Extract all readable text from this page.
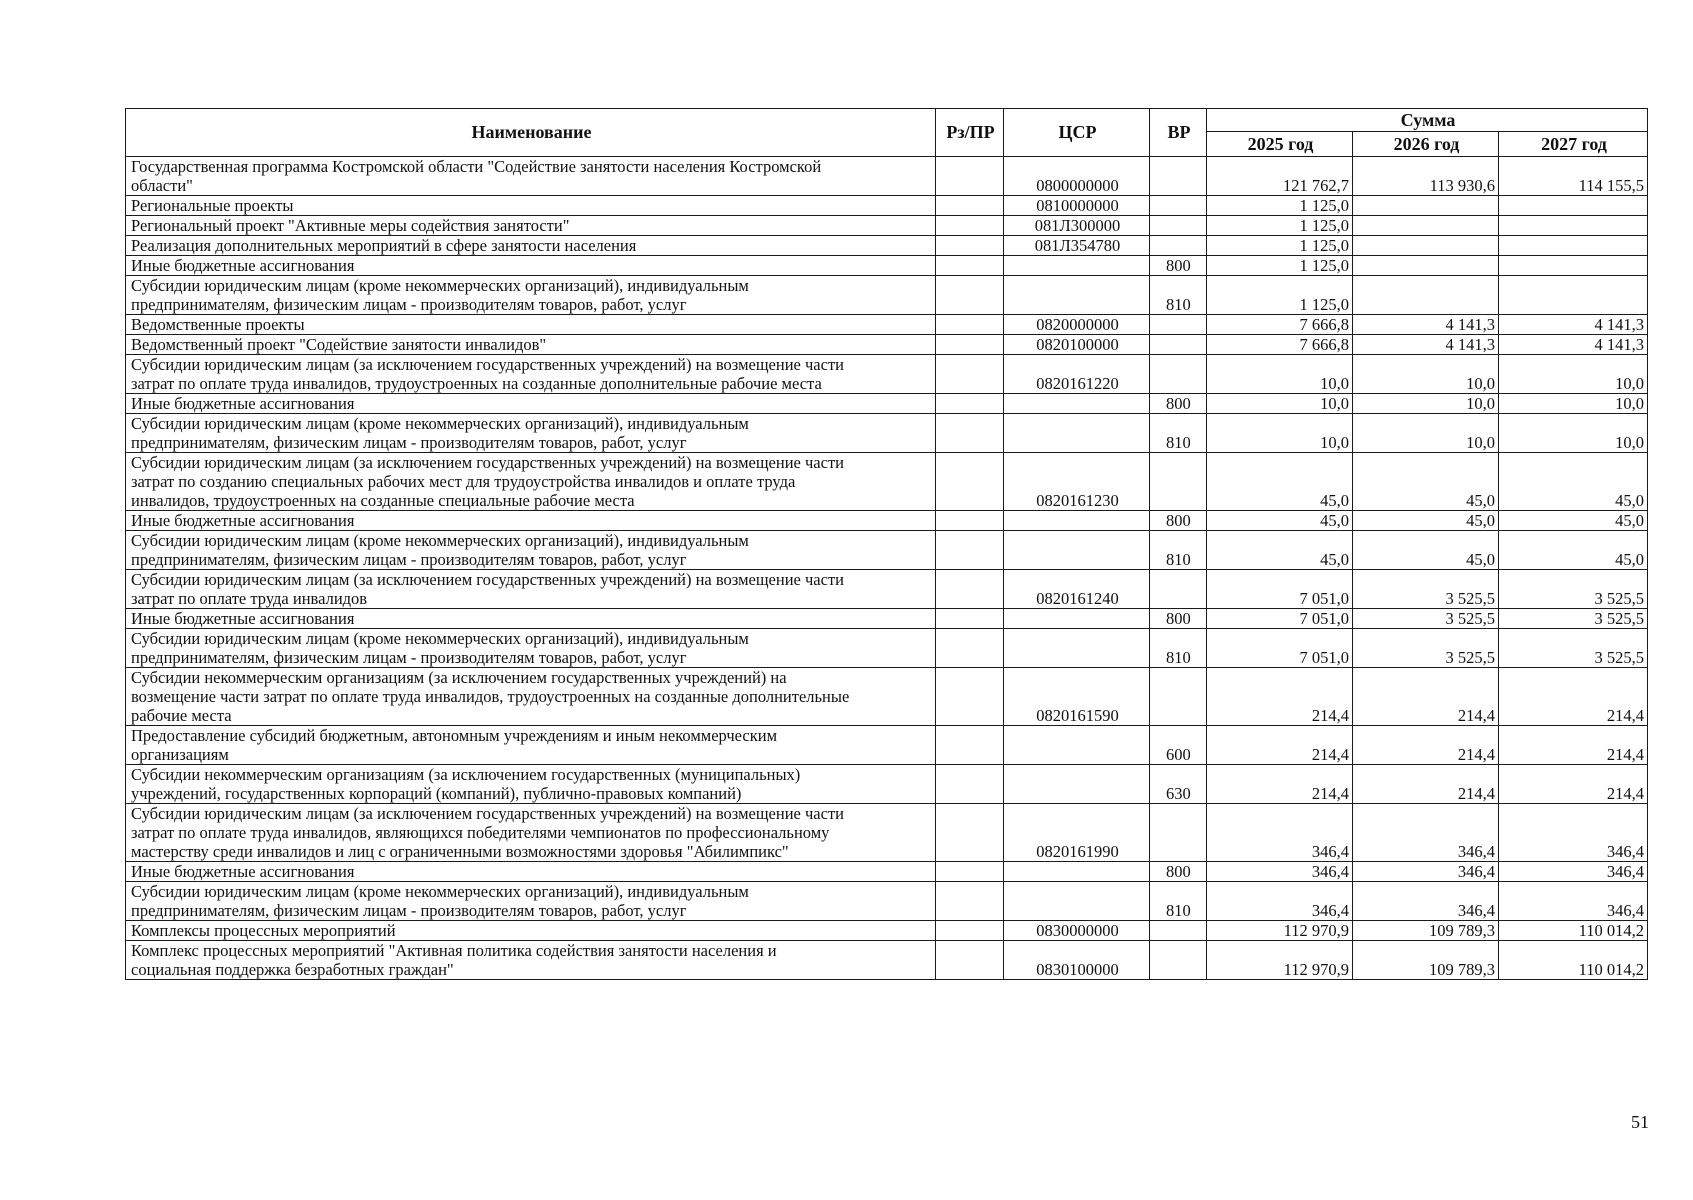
Наименование	Рз/ПР	ЦСР	ВР	Сумма		
				2025 год	2026 год	2027 год
Государственная программа Костромской области "Содействие занятости населения Костромской
области"		0800000000		121 762,7	113 930,6	114 155,5
Региональные проекты		0810000000		1 125,0		
Региональный проект "Активные меры содействия занятости"		081Л300000		1 125,0		
Реализация дополнительных мероприятий в сфере занятости населения		081Л354780		1 125,0		
Иные бюджетные ассигнования			800	1 125,0		
Субсидии юридическим лицам (кроме некоммерческих организаций), индивидуальным
предпринимателям, физическим лицам - производителям товаров, работ, услуг			810	1 125,0		
Ведомственные проекты		0820000000		7 666,8	4 141,3	4 141,3
Ведомственный проект "Содействие занятости инвалидов"		0820100000		7 666,8	4 141,3	4 141,3
Субсидии юридическим лицам (за исключением государственных учреждений) на возмещение части
затрат по оплате труда инвалидов, трудоустроенных на созданные дополнительные рабочие места		0820161220		10,0	10,0	10,0
Иные бюджетные ассигнования			800	10,0	10,0	10,0
Субсидии юридическим лицам (кроме некоммерческих организаций), индивидуальным
предпринимателям, физическим лицам - производителям товаров, работ, услуг			810	10,0	10,0	10,0
Субсидии юридическим лицам (за исключением государственных учреждений) на возмещение части
затрат по созданию специальных рабочих мест для трудоустройства инвалидов и оплате труда
инвалидов, трудоустроенных на созданные специальные рабочие места		0820161230		45,0	45,0	45,0
Иные бюджетные ассигнования			800	45,0	45,0	45,0
Субсидии юридическим лицам (кроме некоммерческих организаций), индивидуальным
предпринимателям, физическим лицам - производителям товаров, работ, услуг			810	45,0	45,0	45,0
Субсидии юридическим лицам (за исключением государственных учреждений) на возмещение части
затрат по оплате труда инвалидов		0820161240		7 051,0	3 525,5	3 525,5
Иные бюджетные ассигнования			800	7 051,0	3 525,5	3 525,5
Субсидии юридическим лицам (кроме некоммерческих организаций), индивидуальным
предпринимателям, физическим лицам - производителям товаров, работ, услуг			810	7 051,0	3 525,5	3 525,5
Субсидии некоммерческим организациям (за исключением государственных учреждений) на
возмещение части затрат по оплате труда инвалидов, трудоустроенных на созданные дополнительные
рабочие места		0820161590		214,4	214,4	214,4
Предоставление субсидий бюджетным, автономным учреждениям и иным некоммерческим
организациям			600	214,4	214,4	214,4
Субсидии некоммерческим организациям (за исключением государственных (муниципальных)
учреждений, государственных корпораций (компаний), публично-правовых компаний)			630	214,4	214,4	214,4
Субсидии юридическим лицам (за исключением государственных учреждений) на возмещение части
затрат по оплате труда инвалидов, являющихся победителями чемпионатов по профессиональному
мастерству среди инвалидов и лиц с ограниченными возможностями здоровья "Абилимпикс"		0820161990		346,4	346,4	346,4
Иные бюджетные ассигнования			800	346,4	346,4	346,4
Субсидии юридическим лицам (кроме некоммерческих организаций), индивидуальным
предпринимателям, физическим лицам - производителям товаров, работ, услуг			810	346,4	346,4	346,4
Комплексы процессных мероприятий		0830000000		112 970,9	109 789,3	110 014,2
Комплекс процессных мероприятий "Активная политика содействия занятости населения и
социальная поддержка безработных граждан"		0830100000		112 970,9	109 789,3	110 014,2
51
